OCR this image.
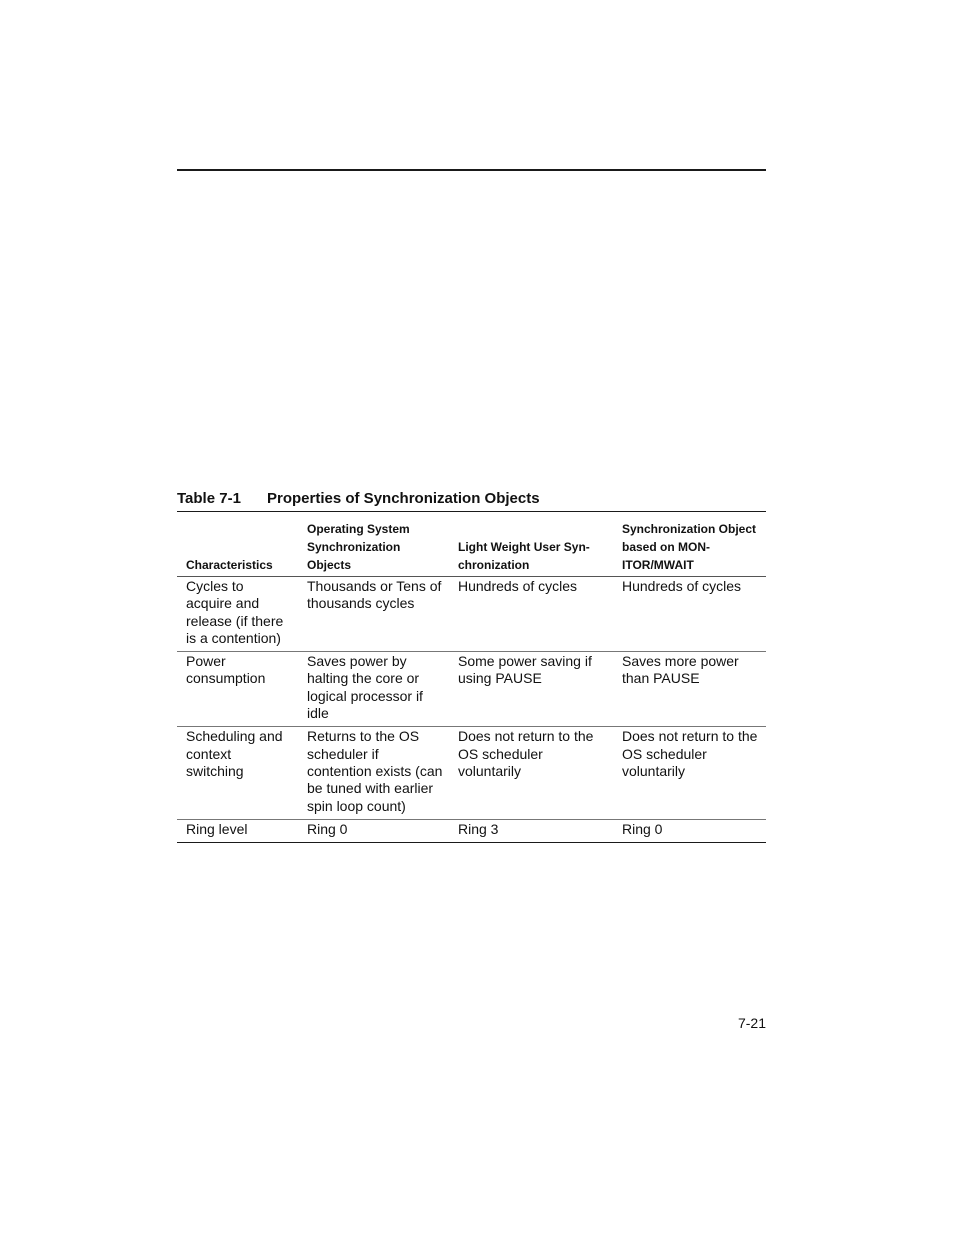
Table 7-1 Properties of Synchronization Objects
Characteristics	Operating System Synchronization Objects	Light Weight User Syn- chronization	Synchronization Object based on MON- ITOR/MWAIT
Cycles to acquire and release (if there is a contention)	Thousands or Tens of thousands cycles	Hundreds of cycles	Hundreds of cycles
Power consumption	Saves power by halting the core or logical processor if idle	Some power saving if using PAUSE	Saves more power than PAUSE
Scheduling and context switching	Returns to the OS scheduler if contention exists (can be tuned with earlier spin loop count)	Does not return to the OS scheduler voluntarily	Does not return to the OS scheduler voluntarily
Ring level	Ring 0	Ring 3	Ring 0
7-21
